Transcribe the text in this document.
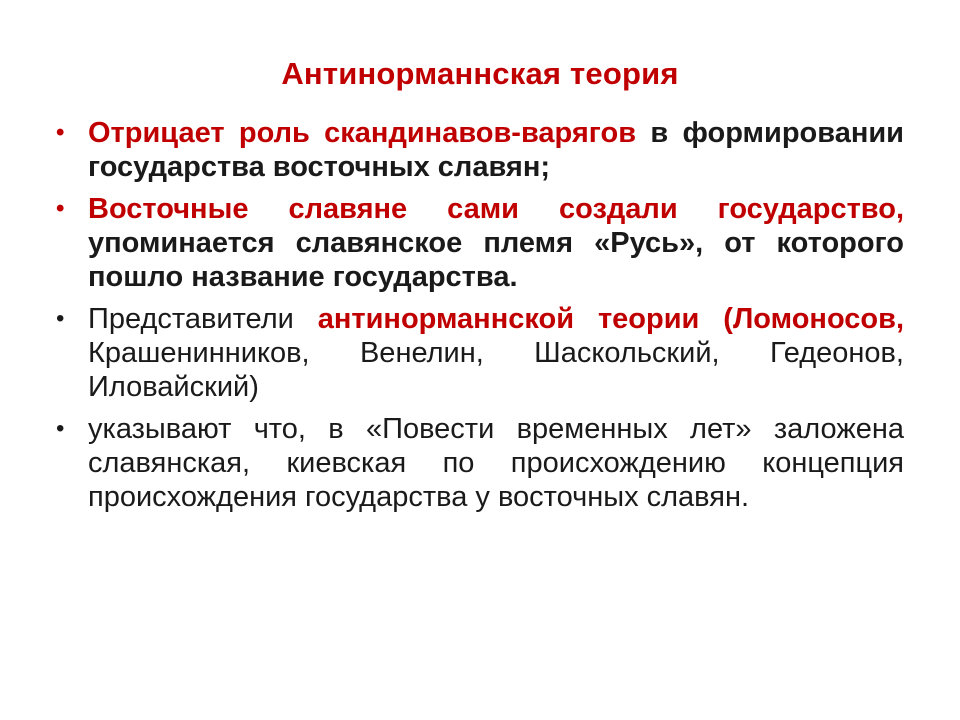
Антинорманнская теория
• Отрицает роль скандинавов-варягов в формировании государства восточных славян;
• Восточные славяне сами создали государство, упоминается славянское племя «Русь», от которого пошло название государства.
• Представители антинорманнской теории (Ломоносов, Крашенинников, Венелин, Шаскольский, Гедеонов, Иловайский)
• указывают что, в «Повести временных лет» заложена славянская, киевская по происхождению концепция происхождения государства у восточных славян.
